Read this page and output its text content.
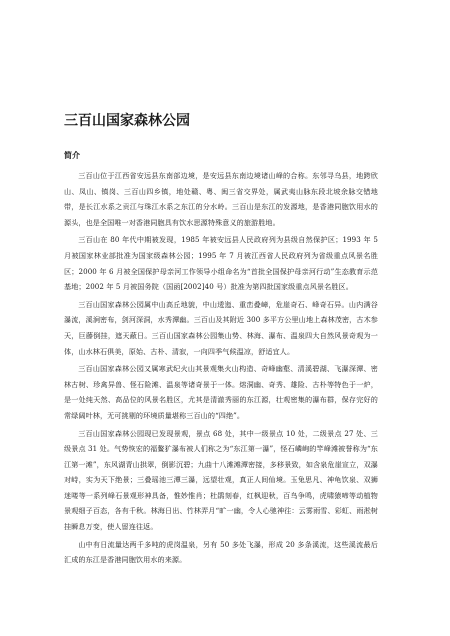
三百山国家森林公园
简介

三百山位于江西省安远县东南部边境，是安远县东南边境诸山峰的合称。东邻寻乌县，地跨欣山、凤山、镇岗、三百山四乡镇，地处赣、粤、闽三省交界处，属武夷山脉东段北坡余脉交错地带，是长江水系之贡江与珠江水系之东江的分水岭。三百山是东江的发源地，是香港同胞饮用水的源头，也是全国唯一对香港同胞具有饮水思源特殊意义的旅游胜地。

三百山在 80 年代中期被发现，1985 年被安远县人民政府列为县级自然保护区；1993 年 5 月被国家林业部批准为国家级森林公园；1995 年 7 月被江西省人民政府列为省级重点风景名胜区；2000 年 6 月被全国保护母亲河工作领导小组命名为“首批全国保护母亲河行动”生态教育示范基地；2002 年 5 月被国务院（国函[2002]40 号）批准为第四批国家级重点风景名胜区。

三百山国家森林公园属中山高丘地貌，中山逶迤、重峦叠嶂，危崖奇石、峰奇石异。山内满谷瀑流，溪涧密布，剑河深洞，水秀潭幽。三百山及其附近 300 多平方公里山地上森林茂密，古木参天，巨藤倒挂，遮天蔽日。三百山国家森林公园集山势、林海、瀑布、温泉四大自然风景奇观为一体，山水林石俱美，原始、古朴、清寂，一向四季气候温凉，舒适宜人。

三百山国家森林公园又属寒武纪火山其景观集火山构造、奇峰幽壑、清溪碧湖、飞瀑深潭、密林古树、珍禽异兽、怪石险滩、温泉等诸奇景于一体。熔洞幽、奇秀、雄险、古朴等特色于一炉，是一处纯天然、高品位的风景名胜区，尤其是清澈秀丽的东江源，壮观密集的瀑布群，保存完好的常绿阔叶林，无可挑剔的环境质量堪称三百山的“四绝”。

三百山国家森林公园现已发现景观，景点 68 处，其中一级景点 10 处，二级景点 27 处、三级景点 31 处。气势恢宏的福鳌犷瀑布被人们称之为“东江第一瀑”，怪石嶙峋的竿峰滩被誉称为“东江第一滩”，东风湖青山拱翠，倒影沉碧；九曲十八滩滩潭密接，多移景致，如含泉危崖宣立，双瀑对峙，实为天下绝景；三叠瑶池三潭三瀑，远望壮观，真正人间仙境。玉兔思凡、神龟饮泉、双狮迷喽等一系列峰石景观形神具备，惟妙惟肖；杜鹃刻春，红枫迎秋，百鸟争鸣，虎啸猿啼等动植物景观细子百态，各有千秋。林海日出、竹林弄月“旷一幽，令人心驰神往：云雾雨雪、彩虹、雨淞树挂瞬息万变，使人留连往返。

山中有日流量达两千多吨的虎岗温泉，另有 50 多处飞瀑，形成 20 多条溪流，这些溪流最后汇成的东江是香港同胞饮用水的来源。
